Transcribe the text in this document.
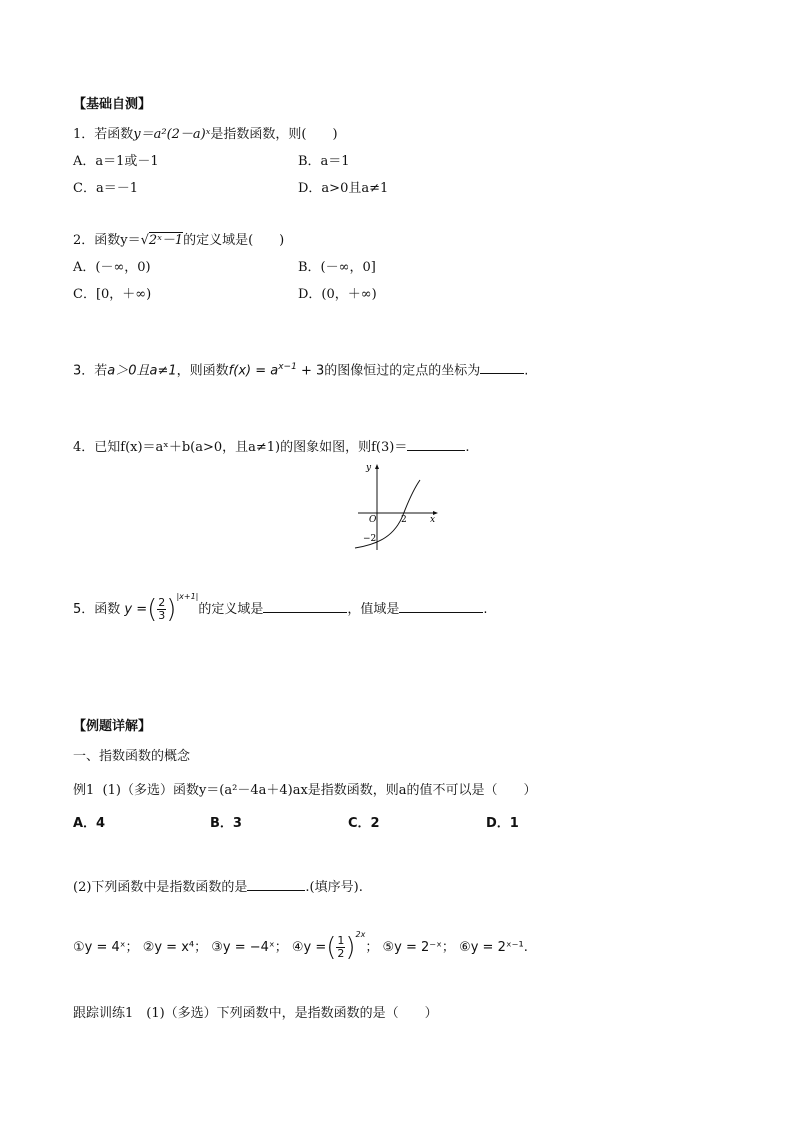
【基础自测】
1．若函数y＝a²(2－a)ˣ是指数函数，则(　　)
A．a＝1或－1	B．a＝1
C．a＝－1	D．a>0且a≠1
2．函数y＝√2ˣ－1的定义域是(　　)
A．(－∞，0)	B．(－∞，0]
C．[0，＋∞)	D．(0，＋∞)
3．若a＞0且a≠1，则函数$f(x) = a^{x-1} + 3$的图像恒过的定点的坐标为	.
4．已知f(x)＝aˣ＋b(a>0，且a≠1)的图象如图，则f(3)＝	.
y
x
O	2
−2
5．函数 y =( $\frac{2}{3} )^{|x+1|}$的定义域是	，值域是	.
【例题详解】
一、指数函数的概念
例1 (1)（多选）函数y＝(a²－4a＋4)ax是指数函数，则a的值不可以是（　　）
A．4	B．3	C．2	D．1
(2)下列函数中是指数函数的是	.(填序号).
①y = 4ˣ； ②y = x⁴； ③y = −4ˣ； ④y =( $\frac{1}{2} )^{2x}$； ⑤y = 2⁻ˣ； ⑥y = 2ˣ⁻¹.
跟踪训练1　(1)（多选）下列函数中，是指数函数的是（　　）
